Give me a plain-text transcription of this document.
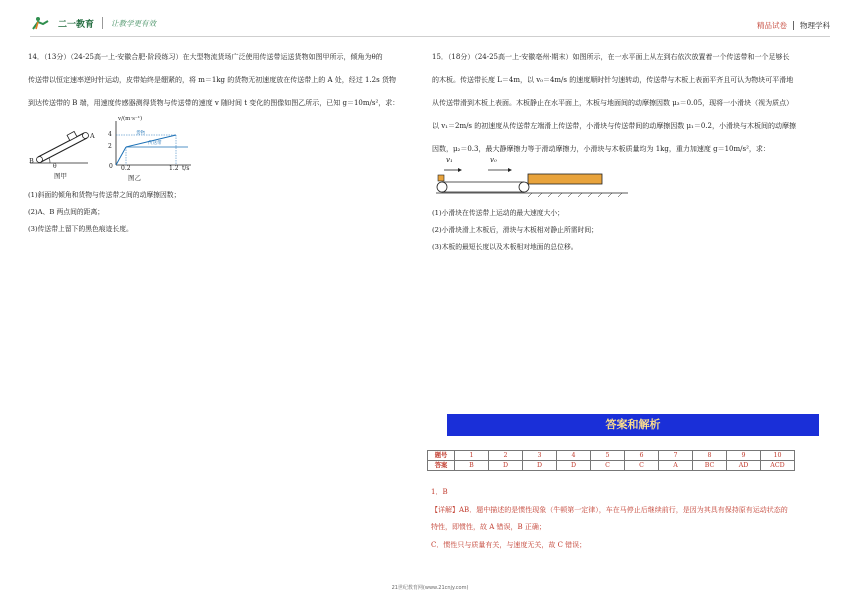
二一教育 让教学更有效	精品试卷 物理学科

14．（13分）（24-25高一上·安徽合肥·阶段练习）在大型物流货场广泛使用传送带运送货物如图甲所示，倾角为θ的

传送带以恒定速率逆时针运动，皮带始终是绷紧的，将 m＝1kg 的货物无初速度放在传送带上的 A 处，经过 1.2s 货物

到达传送带的 B 端，用速度传感器测得货物与传送带的速度 v 随时间 t 变化的图像如图乙所示，已知 g＝10m/s²，求：

A
B
θ
图甲
v/(m·s⁻¹)
4
2
0 0.2	1.2 t/s
货物
传送带
图乙

(1)斜面的倾角和货物与传送带之间的动摩擦因数；

(2)A、B 两点间的距离；

(3)传送带上留下的黑色痕迹长度。

15．（18分）（24-25高一上·安徽亳州·期末）如图所示，在一水平面上从左到右依次放置着一个传送带和一个足够长

的木板。传送带长度 L＝4m，以 v₀＝4m/s 的速度顺时针匀速转动，传送带与木板上表面平齐且可认为物块可平滑地

从传送带滑到木板上表面。木板静止在水平面上，木板与地面间的动摩擦因数 μ₃＝0.05，现将一小滑块（视为质点）

以 v₁＝2m/s 的初速度从传送带左端滑上传送带，小滑块与传送带间的动摩擦因数 μ₁＝0.2，小滑块与木板间的动摩擦

因数，μ₂＝0.3，最大静摩擦力等于滑动摩擦力，小滑块与木板质量均为 1kg，重力加速度 g＝10m/s²，求：

v₁	v₀

(1)小滑块在传送带上运动的最大速度大小；

(2)小滑块滑上木板后，滑块与木板相对静止所需时间；

(3)木板的最短长度以及木板相对地面的总位移。

答案和解析
题号	1	2	3	4	5	6	7	8	9	10
答案	B	D	D	D	C	C	A	BC	AD	ACD
1．B
【详解】AB．题中描述的是惯性现象（牛顿第一定律），车在马停止后继续前行，是因为其具有保持原有运动状态的
特性，即惯性，故 A 错误，B 正确；
C．惯性只与质量有关，与速度无关，故 C 错误；
21世纪教育网(www.21cnjy.com)
